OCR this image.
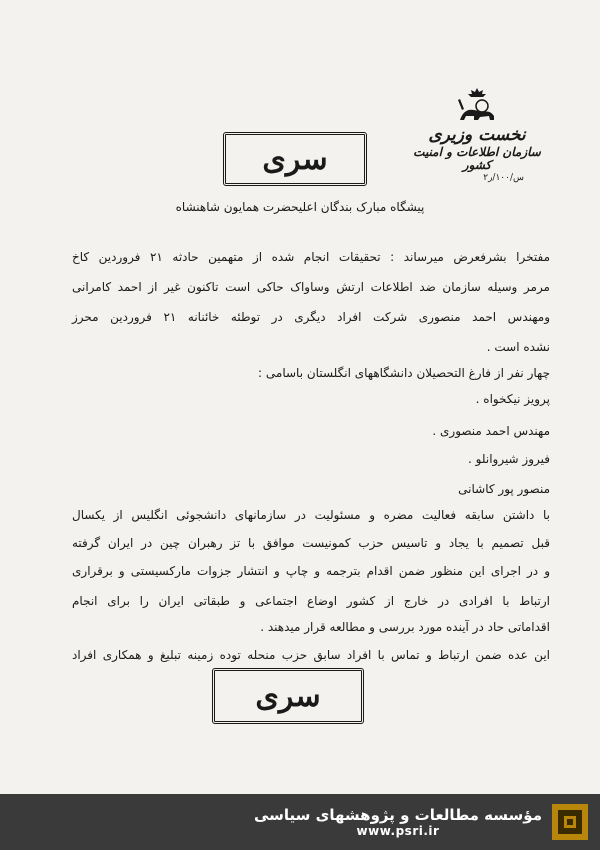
نخست وزیری
سازمان اطلاعات و امنیت کشور
س/۱۰۰/ر۲
سری
پیشگاه مبارک بندگان اعلیحضرت همایون شاهنشاه
مفتخرا بشرفعرض میرساند : تحقیقات انجام شده از متهمین حادثه ۲۱ فروردین کاخ
مرمر وسیله سازمان ضد اطلاعات ارتش وساواک حاکی است تاکنون غیر از احمد کامرانی
ومهندس احمد منصوری شرکت افراد دیگری در توطئه خائنانه ۲۱ فروردین محرز
نشده است .
چهار نفر از فارغ التحصیلان دانشگاههای انگلستان باسامی :
پرویز نیکخواه .
مهندس احمد منصوری .
فیروز شیروانلو .
منصور پور کاشانی
با داشتن سابقه فعالیت مضره و مسئولیت در سازمانهای دانشجوئی انگلیس از یکسال
قبل تصمیم با یجاد و تاسیس حزب کمونیست موافق با تز رهبران چین در ایران گرفته
و در اجرای این منظور ضمن اقدام بترجمه و چاپ و انتشار جزوات مارکسیستی و برقراری
ارتباط با افرادی در خارج از کشور اوضاع اجتماعی و طبقاتی ایران را برای انجام
اقداماتی حاد در آینده مورد بررسی و مطالعه قرار میدهند .
این عده ضمن ارتباط و تماس با افراد سابق حزب منحله توده زمینه تبلیغ و همکاری افراد
سری
مؤسسه مطالعات و پژوهشهای سیاسی
www.psri.ir
